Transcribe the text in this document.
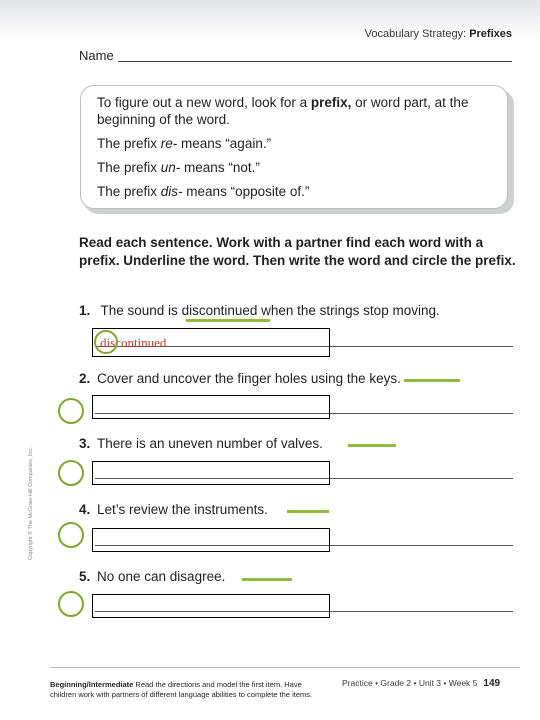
Vocabulary Strategy: Prefixes
Name

To figure out a new word, look for a prefix, or word part, at the beginning of the word.

The prefix re- means “again.”

The prefix un- means “not.”

The prefix dis- means “opposite of.”

Read each sentence. Work with a partner find each word with a prefix. Underline the word. Then write the word and circle the prefix.
1. The sound is discontinued when the strings stop moving.
discontinued
2. Cover and uncover the finger holes using the keys.
3. There is an uneven number of valves.
4. Let’s review the instruments.
5. No one can disagree.
Copyright © The McGraw-Hill Companies, Inc.
Beginning/Intermediate Read the directions and model the first item. Have children work with partners of different language abilities to complete the items.
Practice • Grade 2 • Unit 3 • Week 5 149
